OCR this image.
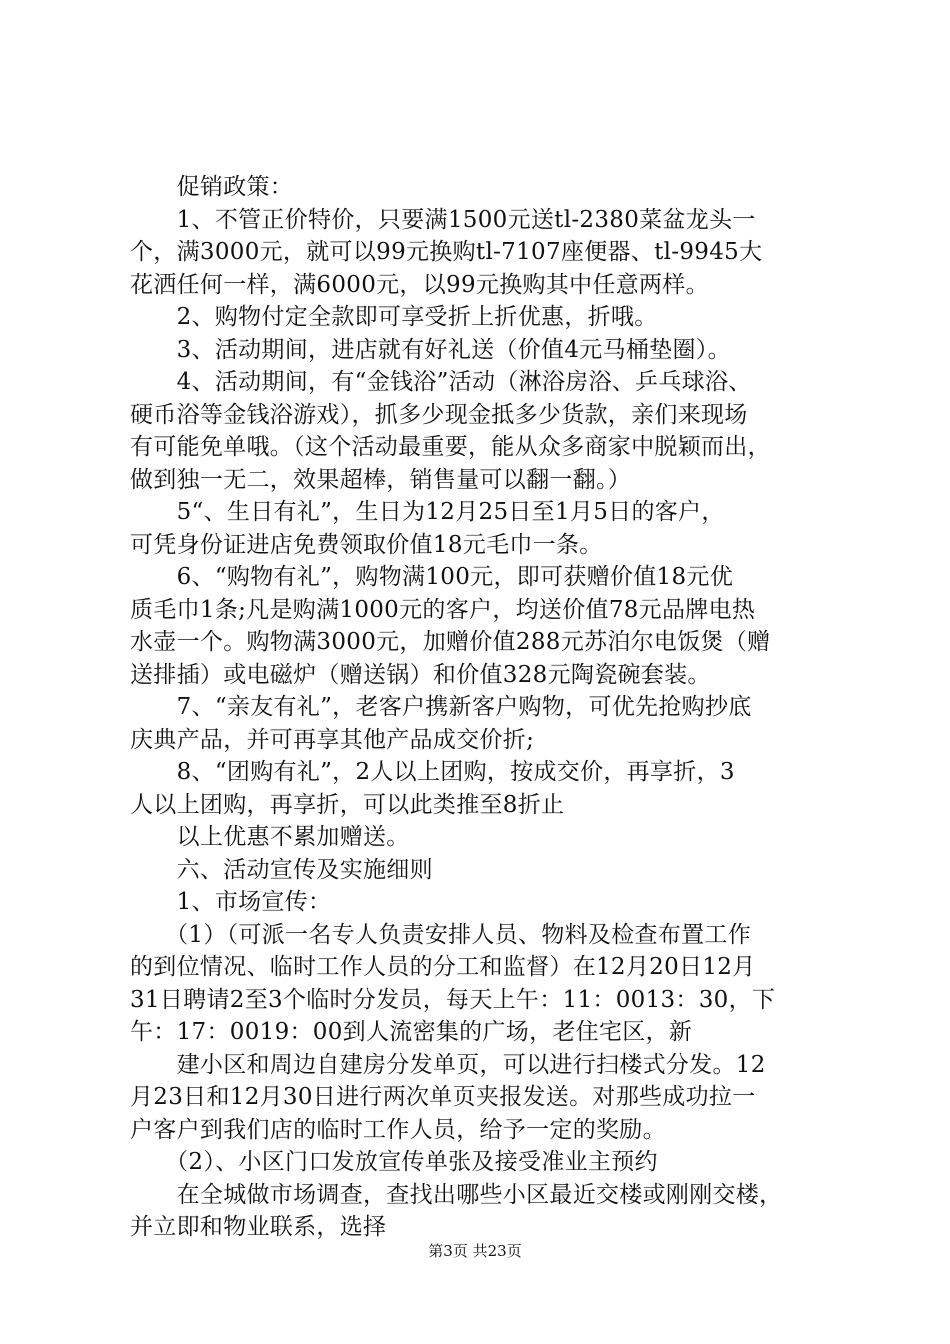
　　促销政策：
　　1、不管正价特价，只要满1500元送tl-2380菜盆龙头一
个，满3000元，就可以99元换购tl-7107座便器、tl-9945大
花洒任何一样，满6000元，以99元换购其中任意两样。
　　2、购物付定全款即可享受折上折优惠，折哦。
　　3、活动期间，进店就有好礼送（价值4元马桶垫圈）。
　　4、活动期间，有“金钱浴”活动（淋浴房浴、乒乓球浴、
硬币浴等金钱浴游戏），抓多少现金抵多少货款，亲们来现场
有可能免单哦。（这个活动最重要，能从众多商家中脱颖而出，
做到独一无二，效果超棒，销售量可以翻一翻。）
　　5“、生日有礼”，生日为12月25日至1月5日的客户，
可凭身份证进店免费领取价值18元毛巾一条。
　　6、“购物有礼”，购物满100元，即可获赠价值18元优
质毛巾1条;凡是购满1000元的客户，均送价值78元品牌电热
水壶一个。购物满3000元，加赠价值288元苏泊尔电饭煲（赠
送排插）或电磁炉（赠送锅）和价值328元陶瓷碗套装。
　　7、“亲友有礼”，老客户携新客户购物，可优先抢购抄底
庆典产品，并可再享其他产品成交价折;
　　8、“团购有礼”，2人以上团购，按成交价，再享折，3
人以上团购，再享折，可以此类推至8折止
　　以上优惠不累加赠送。
　　六、活动宣传及实施细则
　　1、市场宣传：
　　（1）（可派一名专人负责安排人员、物料及检查布置工作
的到位情况、临时工作人员的分工和监督）在12月20日12月
31日聘请2至3个临时分发员，每天上午：11：0013：30，下
午：17：0019：00到人流密集的广场，老住宅区，新
　　建小区和周边自建房分发单页，可以进行扫楼式分发。12
月23日和12月30日进行两次单页夹报发送。对那些成功拉一
户客户到我们店的临时工作人员，给予一定的奖励。
　　（2）、小区门口发放宣传单张及接受准业主预约
　　在全城做市场调查，查找出哪些小区最近交楼或刚刚交楼，
并立即和物业联系，选择
第3页 共23页
